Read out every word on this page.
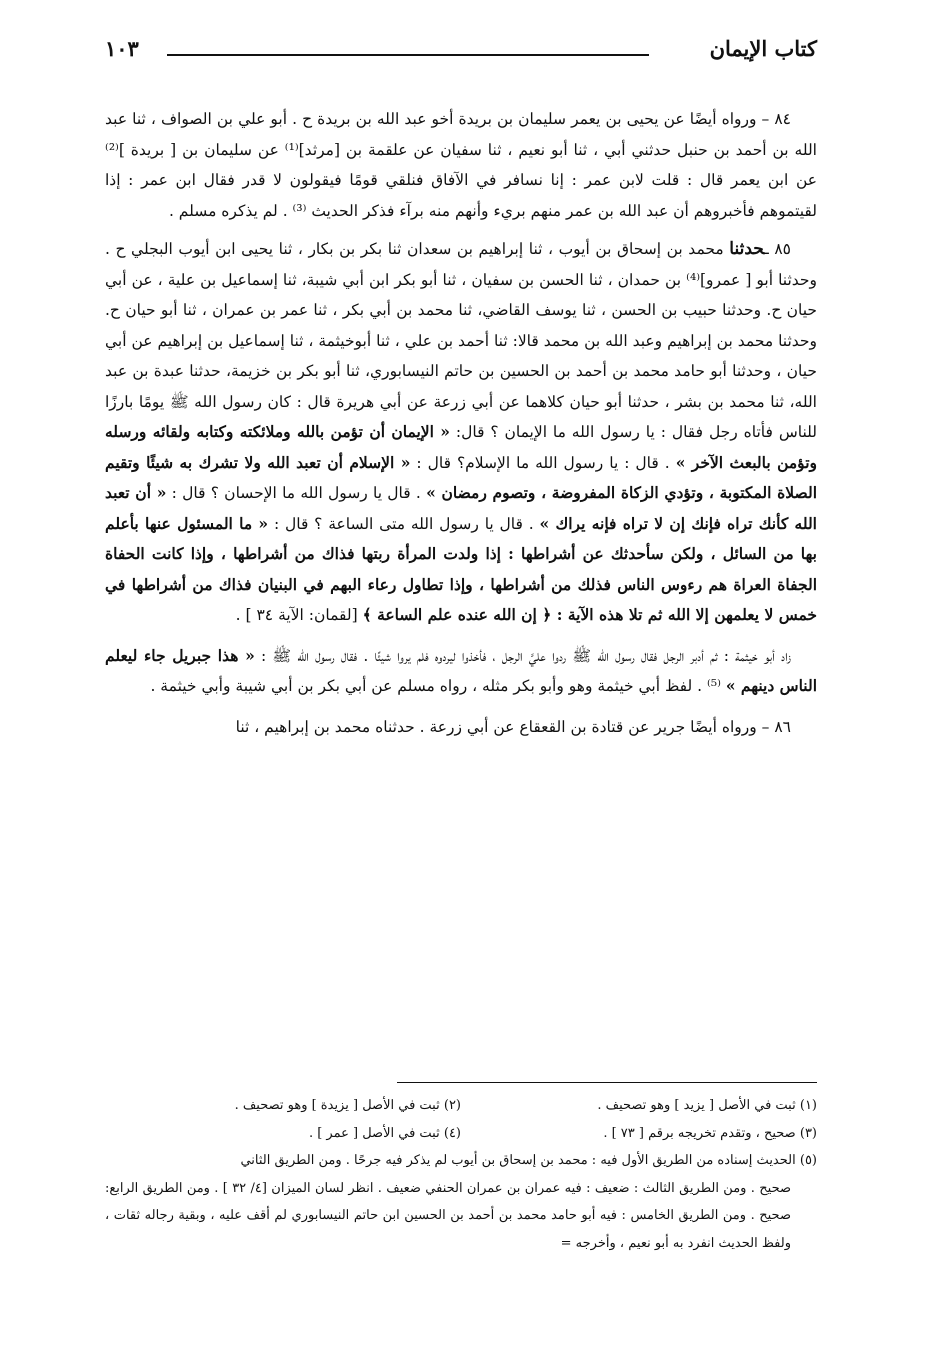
كتاب الإيمان
١٠٣

٨٤ – ورواه أيضًا عن يحيى بن يعمر سليمان بن بريدة أخو عبد الله بن بريدة ح . أبو علي بن الصواف ، ثنا عبد الله بن أحمد بن حنبل حدثني أبي ، ثنا أبو نعيم ، ثنا سفيان عن علقمة بن [مرثد]⁽¹⁾ عن سليمان بن [ بريدة ]⁽²⁾ عن ابن يعمر قال : قلت لابن عمر : إنا نسافر في الآفاق فنلقي قومًا فيقولون لا قدر فقال ابن عمر : إذا لقيتموهم فأخبروهم أن عبد الله بن عمر منهم بريء وأنهم منه برآء فذكر الحديث ⁽³⁾ . لم يذكره مسلم .

٨٥ ـحدثنا محمد بن إسحاق بن أيوب ، ثنا إبراهيم بن سعدان ثنا بكر بن بكار ، ثنا يحيى ابن أيوب البجلي ح . وحدثنا أبو [ عمرو]⁽⁴⁾ بن حمدان ، ثنا الحسن بن سفيان ، ثنا أبو بكر ابن أبي شيبة، ثنا إسماعيل بن علية ، عن أبي حيان ح. وحدثنا حبيب بن الحسن ، ثنا يوسف القاضي، ثنا محمد بن أبي بكر ، ثنا عمر بن عمران ، ثنا أبو حيان ح. وحدثنا محمد بن إبراهيم وعبد الله بن محمد قالا: ثنا أحمد بن علي ، ثنا أبوخيثمة ، ثنا إسماعيل بن إبراهيم عن أبي حيان ، وحدثنا أبو حامد محمد بن أحمد بن الحسين بن حاتم النيسابوري، ثنا أبو بكر بن خزيمة، حدثنا عبدة بن عبد الله، ثنا محمد بن بشر ، حدثنا أبو حيان كلاهما عن أبي زرعة عن أبي هريرة قال : كان رسول الله ﷺ يومًا بارزًا للناس فأتاه رجل فقال : يا رسول الله ما الإيمان ؟ قال: « الإيمان أن تؤمن بالله وملائكته وكتابه ولقائه ورسله وتؤمن بالبعث الآخر » . قال : يا رسول الله ما الإسلام؟ قال : « الإسلام أن تعبد الله ولا تشرك به شيئًا وتقيم الصلاة المكتوبة ، وتؤدي الزكاة المفروضة ، وتصوم رمضان » . قال يا رسول الله ما الإحسان ؟ قال : « أن تعبد الله كأنك تراه فإنك إن لا تراه فإنه يراك » . قال يا رسول الله متى الساعة ؟ قال : « ما المسئول عنها بأعلم بها من السائل ، ولكن سأحدثك عن أشراطها : إذا ولدت المرأة ربتها فذاك من أشراطها ، وإذا كانت الحفاة الجفاة العراة هم رءوس الناس فذلك من أشراطها ، وإذا تطاول رعاء البهم في البنيان فذاك من أشراطها في خمس لا يعلمهن إلا الله ثم تلا هذه الآية : ﴿ إن الله عنده علم الساعة ﴾ [لقمان: الآية ٣٤ ] .

زاد أبو خيثمة : ثم أدبر الرجل فقال رسول الله ﷺ ردوا عليَّ الرجل ، فأخذوا ليردوه فلم يروا شيئًا . فقال رسول الله ﷺ : « هذا جبريل جاء ليعلم الناس دينهم » ⁽⁵⁾ . لفظ أبي خيثمة وهو وأبو بكر مثله ، رواه مسلم عن أبي بكر بن أبي شيبة وأبي خيثمة .

٨٦ – ورواه أيضًا جرير عن قتادة بن القعقاع عن أبي زرعة . حدثناه محمد بن إبراهيم ، ثنا

(١) ثبت في الأصل [ يزيد ] وهو تصحيف .
(٢) ثبت في الأصل [ يزيدة ] وهو تصحيف .
(٣) صحيح ، وتقدم تخريجه برقم [ ٧٣ ] .
(٤) ثبت في الأصل [ عمر ] .
(٥) الحديث إسناده من الطريق الأول فيه : محمد بن إسحاق بن أيوب لم يذكر فيه جرحًا . ومن الطريق الثاني
صحيح . ومن الطريق الثالث : ضعيف : فيه عمران بن عمران الحنفي ضعيف . انظر لسان الميزان [٤/ ٣٢ ] . ومن الطريق الرابع: صحيح . ومن الطريق الخامس : فيه أبو حامد محمد بن أحمد بن الحسين ابن حاتم النيسابوري لم أقف عليه ، وبقية رجاله ثقات ، ولفظ الحديث انفرد به أبو نعيم ، وأخرجه =
